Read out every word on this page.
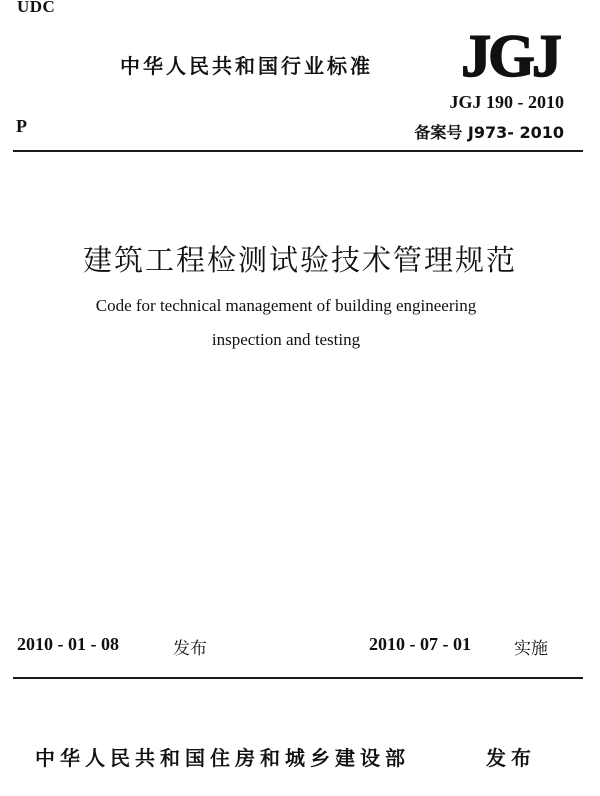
UDC
中华人民共和国行业标准 JGJ
P
JGJ 190 - 2010
备案号 J973- 2010
建筑工程检测试验技术管理规范
Code for technical management of building engineering
inspection and testing
2010 - 01 - 08	发布	2010 - 07 - 01	实施
中华人民共和国住房和城乡建设部	发布
